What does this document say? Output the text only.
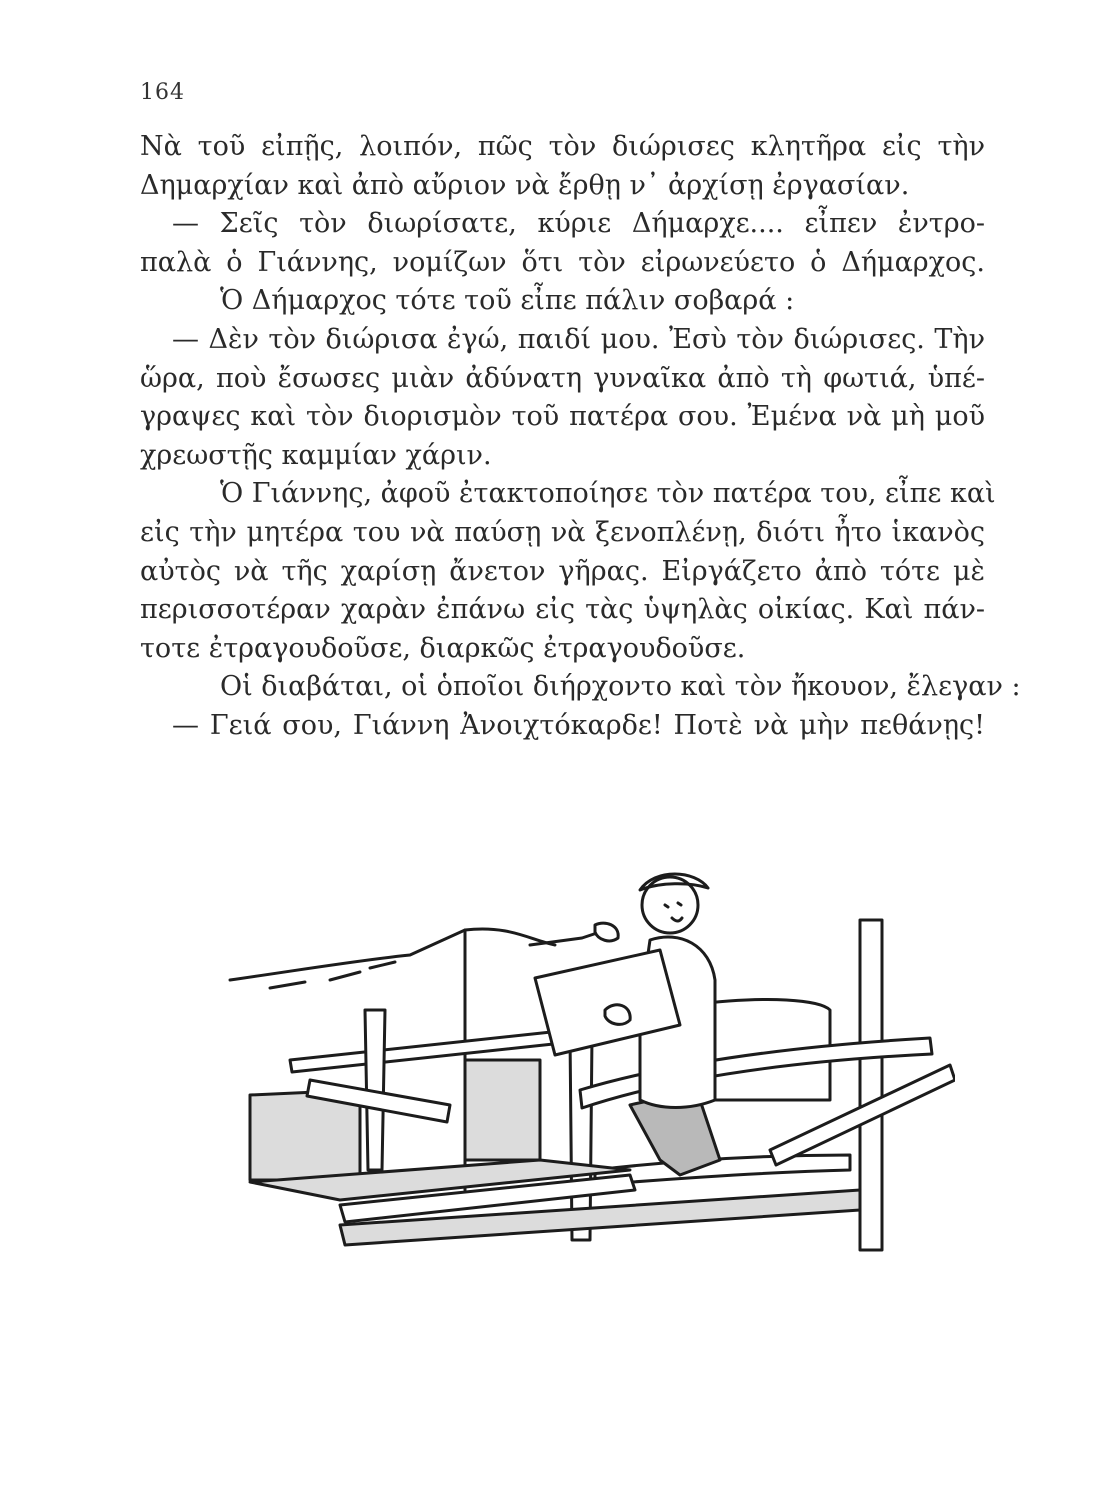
164
Νὰ τοῦ εἰπῇς, λοιπόν, πῶς τὸν διώρισες κλητῆρα εἰς τὴν
Δημαρχίαν καὶ ἀπὸ αὔριον νὰ ἔρθῃ ν᾽ ἀρχίσῃ ἐργασίαν.
— Σεῖς τὸν διωρίσατε, κύριε Δήμαρχε.... εἶπεν ἐντρο-
παλὰ ὁ Γιάννης, νομίζων ὅτι τὸν εἰρωνεύετο ὁ Δήμαρχος.
Ὁ Δήμαρχος τότε τοῦ εἶπε πάλιν σοβαρά :
— Δὲν τὸν διώρισα ἐγώ, παιδί μου. Ἐσὺ τὸν διώρισες. Τὴν
ὥρα, ποὺ ἔσωσες μιὰν ἀδύνατη γυναῖκα ἀπὸ τὴ φωτιά, ὑπέ-
γραψες καὶ τὸν διορισμὸν τοῦ πατέρα σου. Ἐμένα νὰ μὴ μοῦ
χρεωστῇς καμμίαν χάριν.
Ὁ Γιάννης, ἀφοῦ ἐτακτοποίησε τὸν πατέρα του, εἶπε καὶ
εἰς τὴν μητέρα του νὰ παύσῃ νὰ ξενοπλένῃ, διότι ἦτο ἱκανὸς
αὐτὸς νὰ τῆς χαρίσῃ ἄνετον γῆρας. Εἰργάζετο ἀπὸ τότε μὲ
περισσοτέραν χαρὰν ἐπάνω εἰς τὰς ὑψηλὰς οἰκίας. Καὶ πάν-
τοτε ἐτραγουδοῦσε, διαρκῶς ἐτραγουδοῦσε.
Οἱ διαβάται, οἱ ὁποῖοι διήρχοντο καὶ τὸν ἤκουον, ἔλεγαν :
— Γειά σου, Γιάννη Ἀνοιχτόκαρδε! Ποτὲ νὰ μὴν πεθάνῃς!
